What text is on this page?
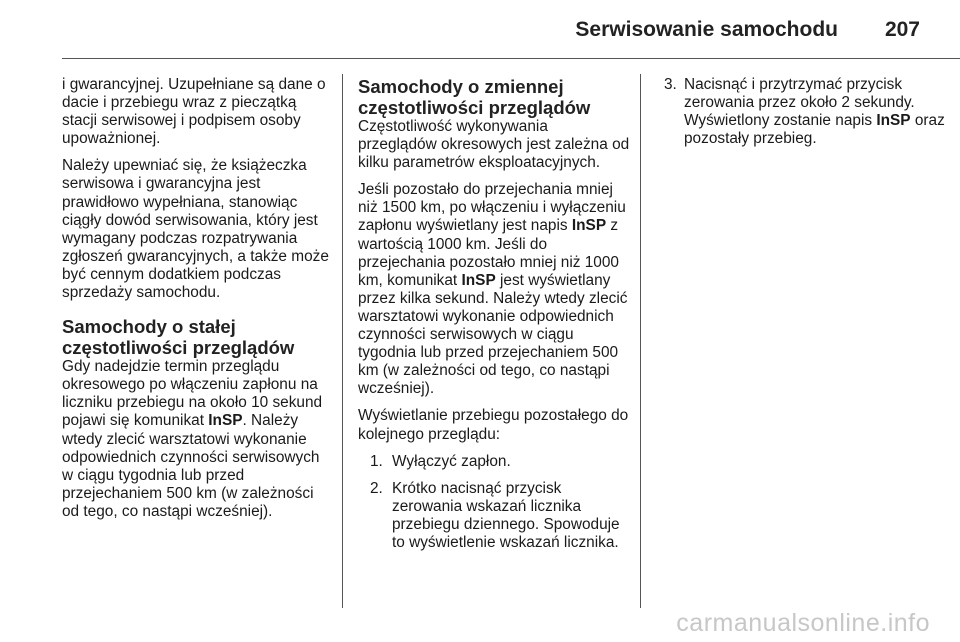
Serwisowanie samochodu 207

i gwarancyjnej. Uzupełniane są dane o dacie i przebiegu wraz z pieczątką stacji serwisowej i podpisem osoby upoważnionej.

Należy upewniać się, że książeczka serwisowa i gwarancyjna jest prawidłowo wypełniana, stanowiąc ciągły dowód serwisowania, który jest wymagany podczas rozpatrywania zgłoszeń gwarancyjnych, a także może być cennym dodatkiem podczas sprzedaży samochodu.

Samochody o stałej częstotliwości przeglądów

Gdy nadejdzie termin przeglądu okresowego po włączeniu zapłonu na liczniku przebiegu na około 10 sekund pojawi się komunikat InSP. Należy wtedy zlecić warsztatowi wykonanie odpowiednich czynności serwisowych w ciągu tygodnia lub przed przejechaniem 500 km (w zależności od tego, co nastąpi wcześniej).

Samochody o zmiennej częstotliwości przeglądów

Częstotliwość wykonywania przeglądów okresowych jest zależna od kilku parametrów eksploatacyjnych.

Jeśli pozostało do przejechania mniej niż 1500 km, po włączeniu i wyłączeniu zapłonu wyświetlany jest napis InSP z wartością 1000 km. Jeśli do przejechania pozostało mniej niż 1000 km, komunikat InSP jest wyświetlany przez kilka sekund. Należy wtedy zlecić warsztatowi wykonanie odpowiednich czynności serwisowych w ciągu tygodnia lub przed przejechaniem 500 km (w zależności od tego, co nastąpi wcześniej).

Wyświetlanie przebiegu pozostałego do kolejnego przeglądu:

1. Wyłączyć zapłon.
2. Krótko nacisnąć przycisk zerowania wskazań licznika przebiegu dziennego. Spowoduje to wyświetlenie wskazań licznika.
3. Nacisnąć i przytrzymać przycisk zerowania przez około 2 sekundy. Wyświetlony zostanie napis InSP oraz pozostały przebieg.
carmanualsonline.info
